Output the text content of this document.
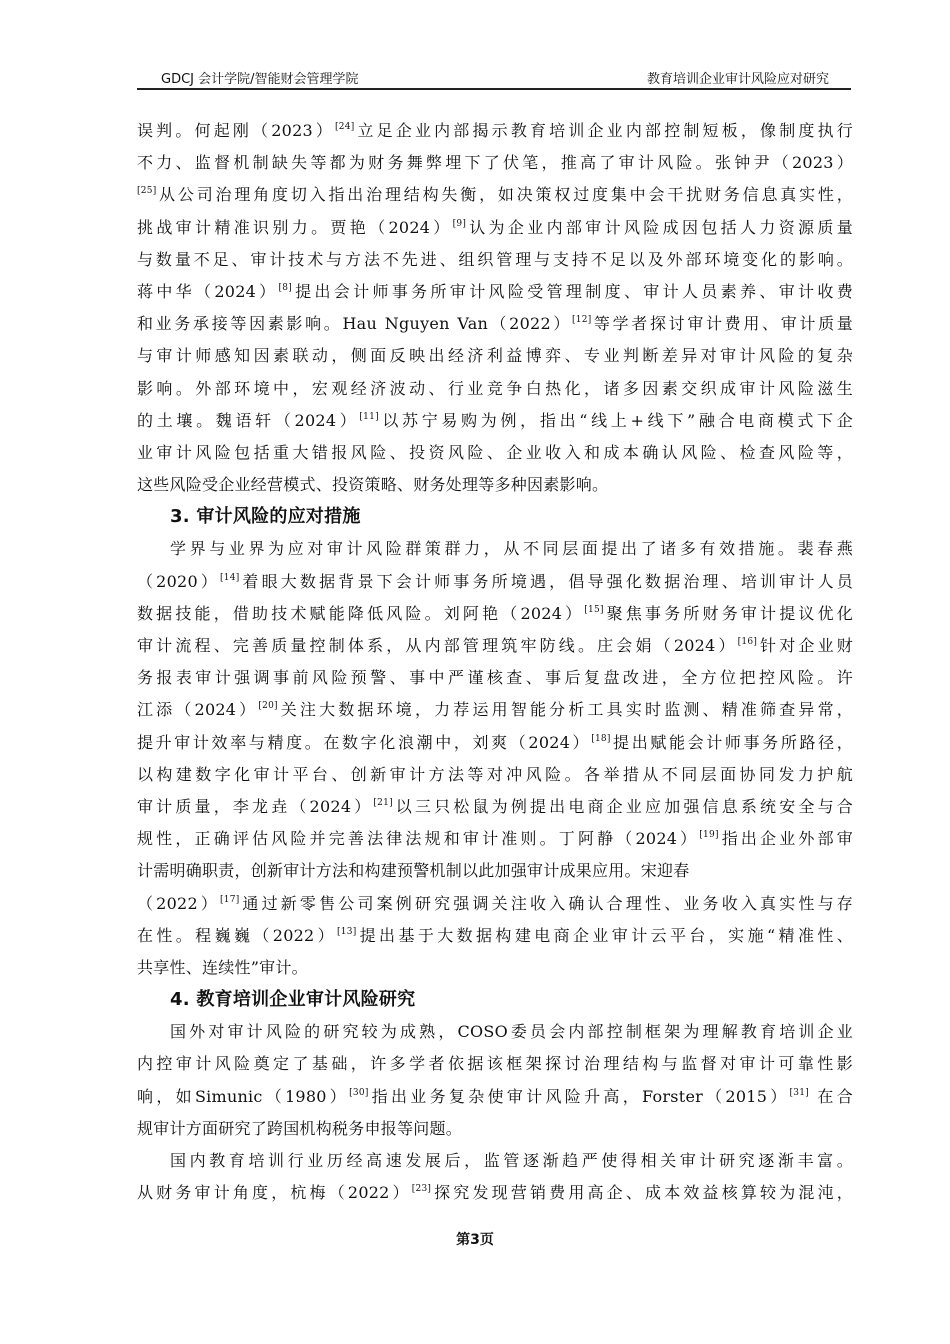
GDCJ 会计学院/智能财会管理学院	教育培训企业审计风险应对研究
误判。何起刚（2023）[24]立足企业内部揭示教育培训企业内部控制短板，像制度执行
不力、监督机制缺失等都为财务舞弊埋下了伏笔，推高了审计风险。张钟尹（2023）
[25]从公司治理角度切入指出治理结构失衡，如决策权过度集中会干扰财务信息真实性，
挑战审计精准识别力。贾艳（2024）[9]认为企业内部审计风险成因包括人力资源质量
与数量不足、审计技术与方法不先进、组织管理与支持不足以及外部环境变化的影响。
蒋中华（2024）[8]提出会计师事务所审计风险受管理制度、审计人员素养、审计收费
和业务承接等因素影响。Hau Nguyen Van（2022）[12]等学者探讨审计费用、审计质量
与审计师感知因素联动，侧面反映出经济利益博弈、专业判断差异对审计风险的复杂
影响。外部环境中，宏观经济波动、行业竞争白热化，诸多因素交织成审计风险滋生
的土壤。魏语轩（2024）[11]以苏宁易购为例，指出“线上+线下”融合电商模式下企
业审计风险包括重大错报风险、投资风险、企业收入和成本确认风险、检查风险等，
这些风险受企业经营模式、投资策略、财务处理等多种因素影响。
3. 审计风险的应对措施
学界与业界为应对审计风险群策群力，从不同层面提出了诸多有效措施。裴春燕
（2020）[14]着眼大数据背景下会计师事务所境遇，倡导强化数据治理、培训审计人员
数据技能，借助技术赋能降低风险。刘阿艳（2024）[15]聚焦事务所财务审计提议优化
审计流程、完善质量控制体系，从内部管理筑牢防线。庄会娟（2024）[16]针对企业财
务报表审计强调事前风险预警、事中严谨核查、事后复盘改进，全方位把控风险。许
江添（2024）[20]关注大数据环境，力荐运用智能分析工具实时监测、精准筛查异常，
提升审计效率与精度。在数字化浪潮中，刘爽（2024）[18]提出赋能会计师事务所路径，
以构建数字化审计平台、创新审计方法等对冲风险。各举措从不同层面协同发力护航
审计质量，李龙垚（2024）[21]以三只松鼠为例提出电商企业应加强信息系统安全与合
规性，正确评估风险并完善法律法规和审计准则。丁阿静（2024）[19]指出企业外部审
计需明确职责，创新审计方法和构建预警机制以此加强审计成果应用。宋迎春
（2022）[17]通过新零售公司案例研究强调关注收入确认合理性、业务收入真实性与存
在性。程巍巍（2022）[13]提出基于大数据构建电商企业审计云平台，实施“精准性、
共享性、连续性”审计。
4. 教育培训企业审计风险研究
国外对审计风险的研究较为成熟，COSO委员会内部控制框架为理解教育培训企业
内控审计风险奠定了基础，许多学者依据该框架探讨治理结构与监督对审计可靠性影
响，如Simunic（1980）[30]指出业务复杂使审计风险升高，Forster（2015）[31] 在合
规审计方面研究了跨国机构税务申报等问题。
国内教育培训行业历经高速发展后，监管逐渐趋严使得相关审计研究逐渐丰富。
从财务审计角度，杭梅（2022）[23]探究发现营销费用高企、成本效益核算较为混沌，
第3页
